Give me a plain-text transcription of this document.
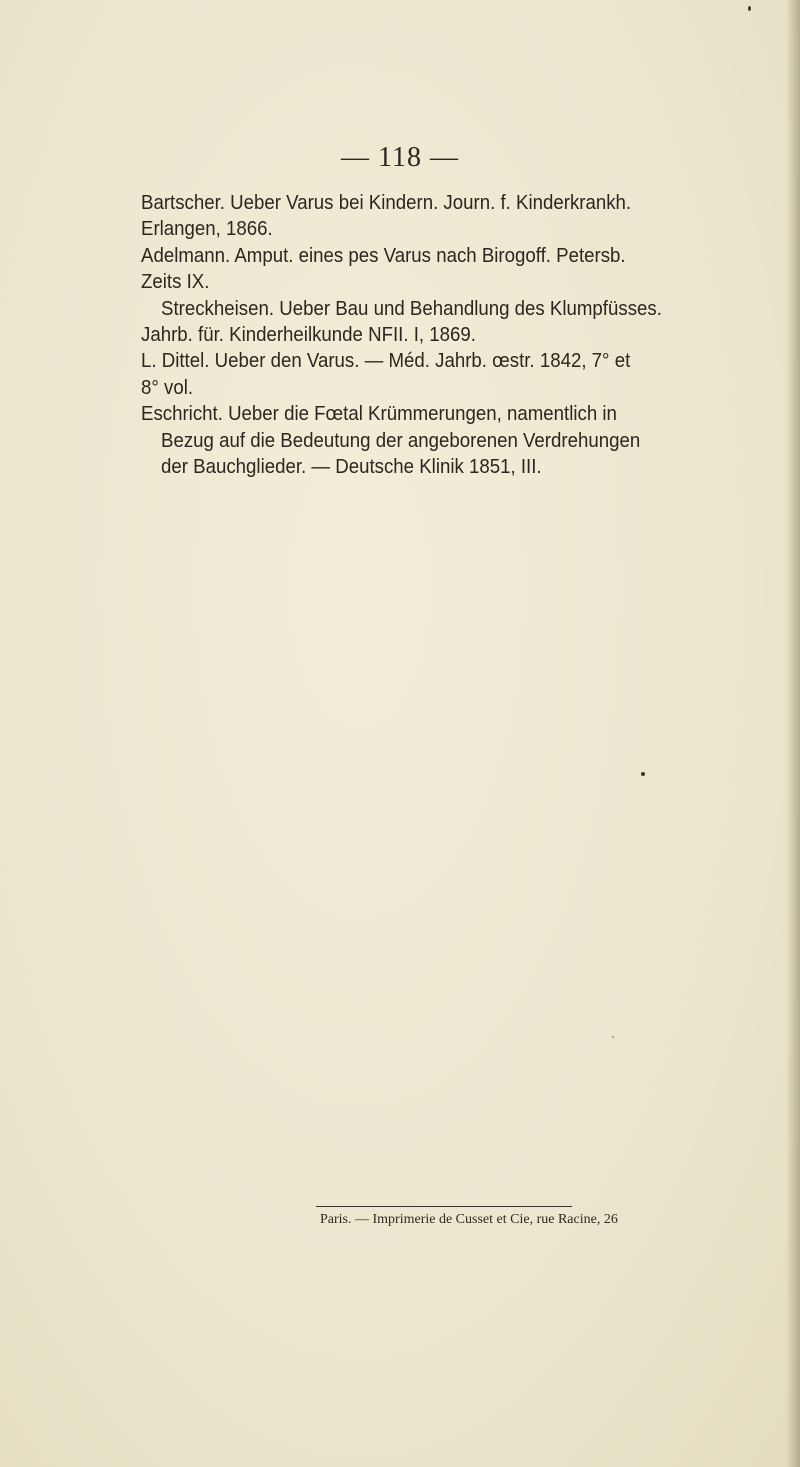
— 118 —

Bartscher. Ueber Varus bei Kindern. Journ. f. Kinderkrankh.
Erlangen, 1866.

Adelmann. Amput. eines pes Varus nach Birogoff. Petersb.
Zeits IX.

Streckheisen. Ueber Bau und Behandlung des Klumpfüsses.
Jahrb. für. Kinderheilkunde NFII. I, 1869.

L. Dittel. Ueber den Varus. — Méd. Jahrb. œstr. 1842, 7° et
8° vol.

Eschricht. Ueber die Fœtal Krümmerungen, namentlich in
Bezug auf die Bedeutung der angeborenen Verdrehungen
der Bauchglieder. — Deutsche Klinik 1851, III.

Paris. — Imprimerie de Cusset et Cie, rue Racine, 26
